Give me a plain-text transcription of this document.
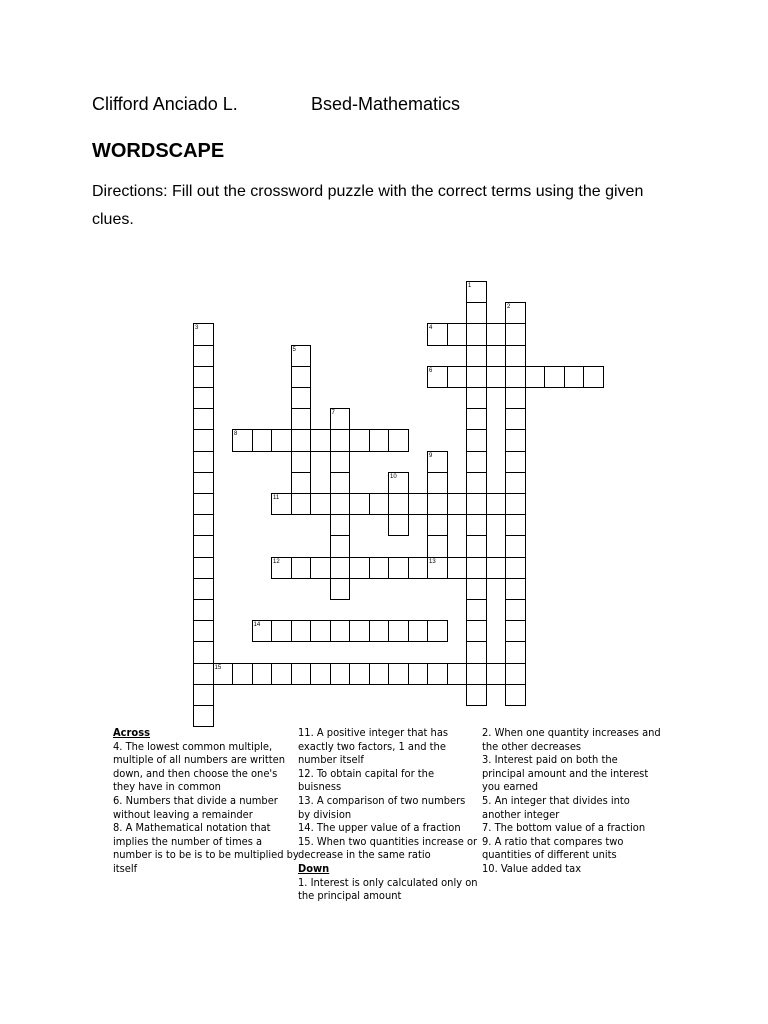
Clifford Anciado L.	Bsed-Mathematics
WORDSCAPE
Directions: Fill out the crossword puzzle with the correct terms using the given clues.
1
2
3	4
5
6
7
8
9
10
11
12	13
14
15

Across

4. The lowest common multiple, multiple of all numbers are written down, and then choose the one's they have in common

6. Numbers that divide a number without leaving a remainder

8. A Mathematical notation that implies the number of times a number is to be is to be multiplied by itself

11. A positive integer that has exactly two factors, 1 and the number itself

12. To obtain capital for the buisness

13. A comparison of two numbers by division

14. The upper value of a fraction

15. When two quantities increase or decrease in the same ratio

Down

1. Interest is only calculated only on the principal amount

2. When one quantity increases and the other decreases

3. Interest paid on both the principal amount and the interest you earned

5. An integer that divides into another integer

7. The bottom value of a fraction

9. A ratio that compares two quantities of different units

10. Value added tax
